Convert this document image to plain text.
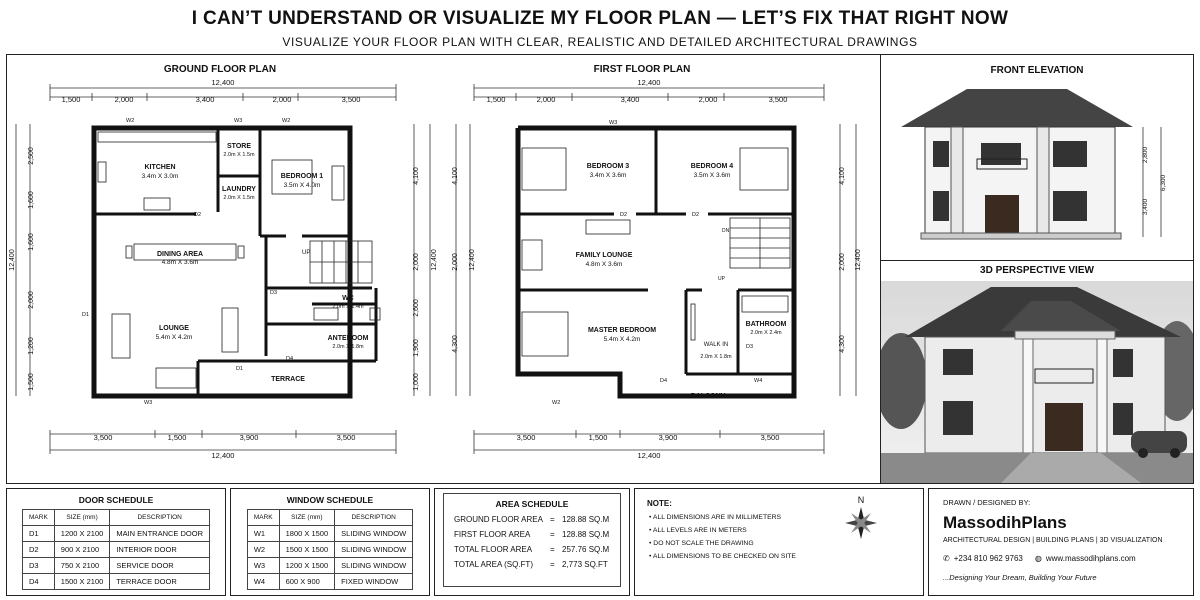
I CAN’T UNDERSTAND OR VISUALIZE MY FLOOR PLAN — LET’S FIX THAT RIGHT NOW
VISUALIZE YOUR FLOOR PLAN WITH CLEAR, REALISTIC AND DETAILED ARCHITECTURAL DRAWINGS
GROUND FLOOR PLAN
12,400
1,500	2,000	3,400	2,000	3,500
12,400
2,500
1,600
1,600
2,000
1,200
1,500
12,400
4,100
2,000
2,600
1,900
1,000
UP
KITCHEN
3.4m X 3.0m
STORE
2.0m X 1.5m
BEDROOM 1
3.5m X 4.0m
LAUNDRY
2.0m X 1.5m
DINING AREA
4.8m X 3.6m
LOUNGE
5.4m X 4.2m
WC
2.0m X 1.4m
ANTEROOM
2.0m X 1.8m
TERRACE
W2	W3	W2
D2
D3
D1
D1
D4
W3
3,500	1,500	3,900	3,500
12,400
FIRST FLOOR PLAN
12,400
1,500	2,000	3,400	2,000	3,500
4,100
2,000
4,300
12,400
4,100
2,000
4,300
12,400
DN
UP
BEDROOM 3
3.4m X 3.6m
BEDROOM 4
3.5m X 3.6m
FAMILY LOUNGE
4.8m X 3.6m
MASTER BEDROOM
5.4m X 4.2m
WALK IN
2.0m X 1.8m
BATHROOM
2.0m X 2.4m
BALCONY
W3
D2	D2
D3
D4	W4
W2
3,500	1,500	3,900	3,500
12,400
FRONT ELEVATION
2,800
3,400
6,300
3D PERSPECTIVE VIEW
DOOR SCHEDULE
MARK	SIZE (mm)	DESCRIPTION
D1	1200 X 2100	MAIN ENTRANCE DOOR
D2	900 X 2100	INTERIOR DOOR
D3	750 X 2100	SERVICE DOOR
D4	1500 X 2100	TERRACE DOOR
WINDOW SCHEDULE
MARK	SIZE (mm)	DESCRIPTION
W1	1800 X 1500	SLIDING WINDOW
W2	1500 X 1500	SLIDING WINDOW
W3	1200 X 1500	SLIDING WINDOW
W4	600 X 900	FIXED WINDOW
AREA SCHEDULE
GROUND FLOOR AREA = 128.88 SQ.M
FIRST FLOOR AREA	= 128.88 SQ.M
TOTAL FLOOR AREA	= 257.76 SQ.M
TOTAL AREA (SQ.FT)	= 2,773 SQ.FT
NOTE:
• ALL DIMENSIONS ARE IN MILLIMETERS
• ALL LEVELS ARE IN METERS
• DO NOT SCALE THE DRAWING
• ALL DIMENSIONS TO BE CHECKED ON SITE
N	DRAWN / DESIGNED BY:
MassodihPlans
ARCHITECTURAL DESIGN | BUILDING PLANS | 3D VISUALIZATION
✆ +234 810 962 9763 ◍ www.massodihplans.com
...Designing Your Dream, Building Your Future
